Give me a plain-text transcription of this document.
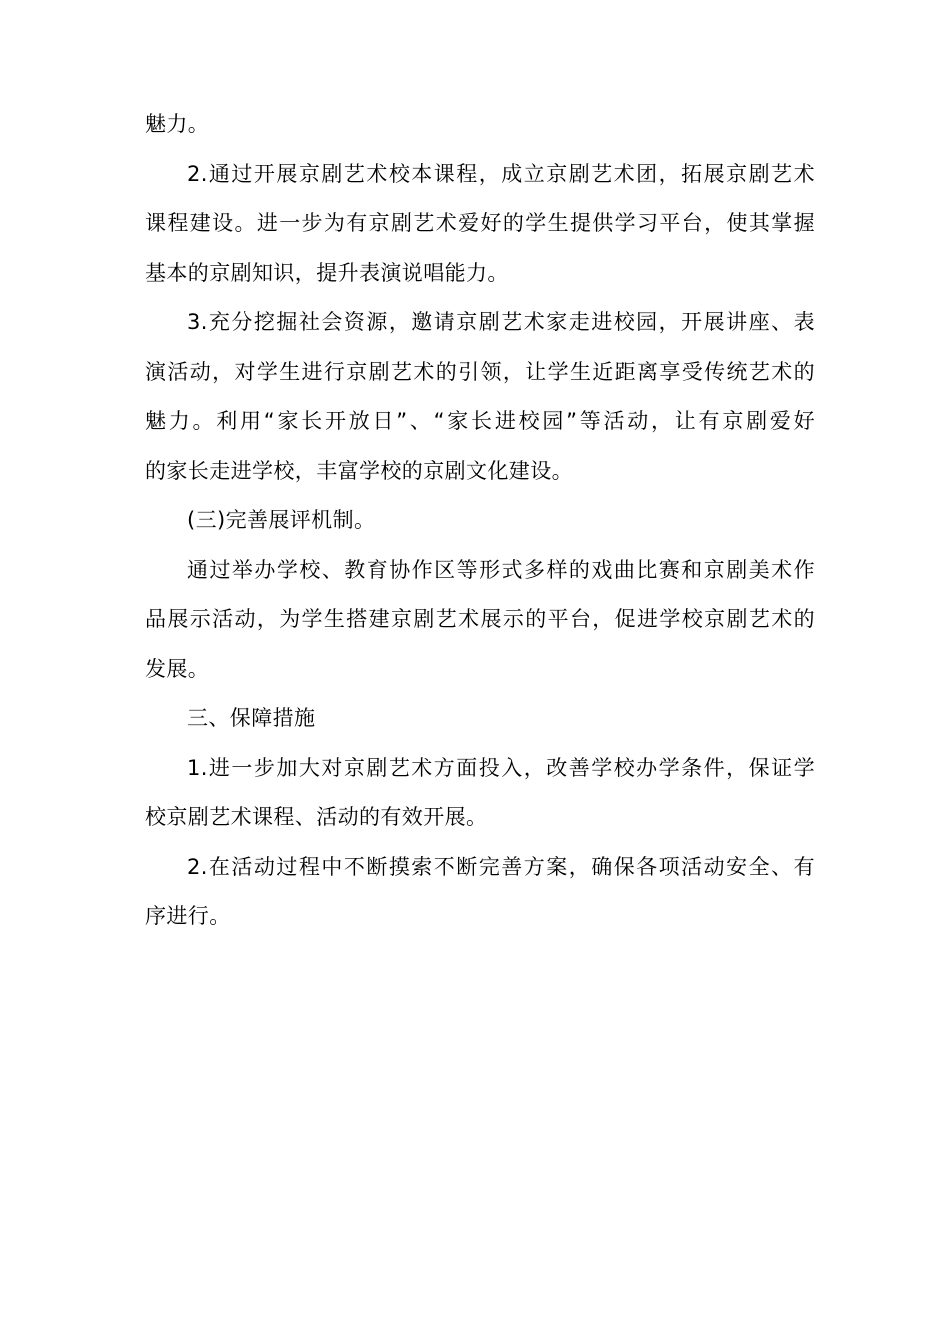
魅力。
2.通过开展京剧艺术校本课程，成立京剧艺术团，拓展京剧艺术
课程建设。进一步为有京剧艺术爱好的学生提供学习平台，使其掌握
基本的京剧知识，提升表演说唱能力。
3.充分挖掘社会资源，邀请京剧艺术家走进校园，开展讲座、表
演活动，对学生进行京剧艺术的引领，让学生近距离享受传统艺术的
魅力。利用“家长开放日”、“家长进校园”等活动，让有京剧爱好
的家长走进学校，丰富学校的京剧文化建设。
(三)完善展评机制。
通过举办学校、教育协作区等形式多样的戏曲比赛和京剧美术作
品展示活动，为学生搭建京剧艺术展示的平台，促进学校京剧艺术的
发展。
三、保障措施
1.进一步加大对京剧艺术方面投入，改善学校办学条件，保证学
校京剧艺术课程、活动的有效开展。
2.在活动过程中不断摸索不断完善方案，确保各项活动安全、有
序进行。
